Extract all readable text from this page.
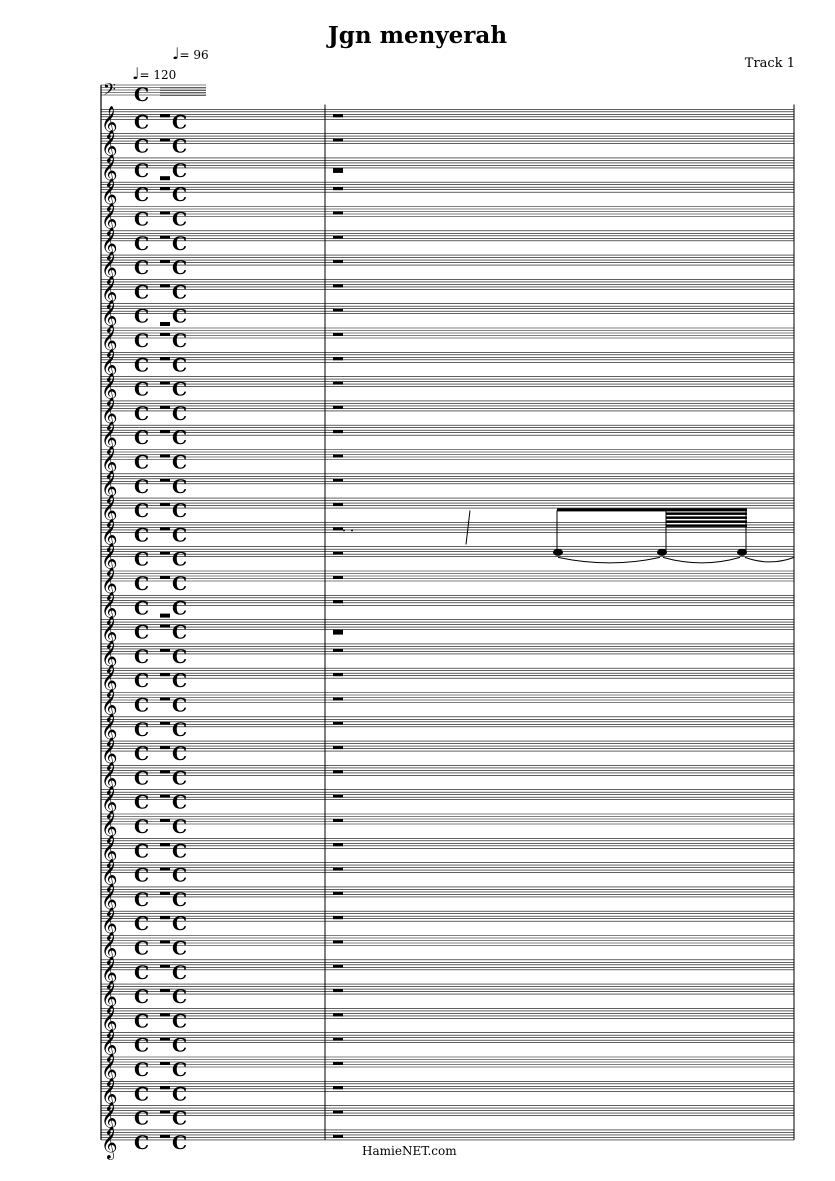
Jgn menyerah
Track 1
𝄢 C
𝄞 C C
𝄞 C C
𝄞 C C
𝄞 C C
𝄞 C C
𝄞 C C
𝄞 C C
𝄞 C C
𝄞 C C
𝄞 C C
𝄞 C C
𝄞 C C
𝄞 C C
𝄞 C C
𝄞 C C
𝄞 C C
𝄞 C C
𝄞 C C
𝄞 C C
𝄞 C C
𝄞 C C
𝄞 C C
𝄞 C C
𝄞 C C
𝄞 C C
𝄞 C C
𝄞 C C
𝄞 C C
𝄞 C C
𝄞 C C
𝄞 C C
𝄞 C C
𝄞 C C
𝄞 C C
𝄞 C C
𝄞 C C
𝄞 C C
𝄞 C C
𝄞 C C
𝄞 C C
𝄞 C C
𝄞 C C
𝄞 C C
♩= 120
♩= 96
HamieNET.com
